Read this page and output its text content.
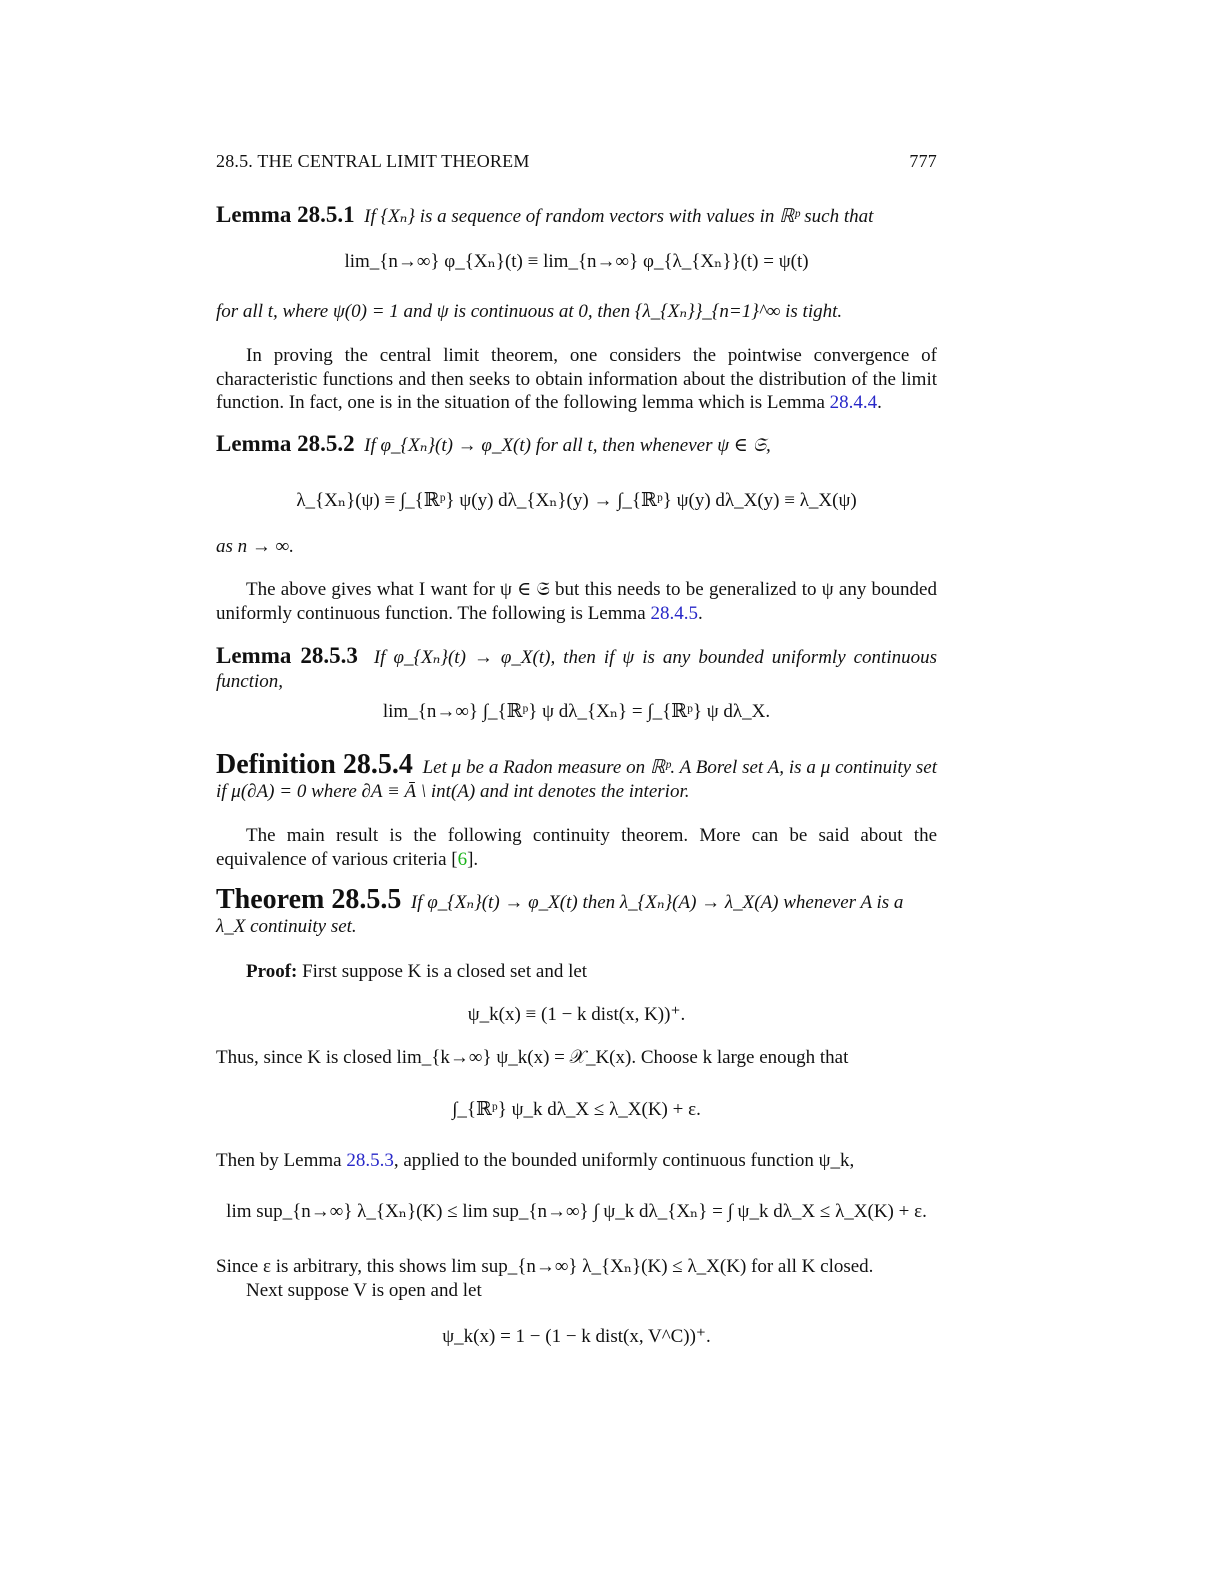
28.5. THE CENTRAL LIMIT THEOREM	777

Lemma 28.5.1 If {Xₙ} is a sequence of random vectors with values in ℝᵖ such that

lim_{n→∞} φ_{Xₙ}(t) ≡ lim_{n→∞} φ_{λ_{Xₙ}}(t) = ψ(t)

for all t, where ψ(0) = 1 and ψ is continuous at 0, then {λ_{Xₙ}}_{n=1}^∞ is tight.

In proving the central limit theorem, one considers the pointwise convergence of characteristic functions and then seeks to obtain information about the distribution of the limit function. In fact, one is in the situation of the following lemma which is Lemma 28.4.4.

Lemma 28.5.2 If φ_{Xₙ}(t) → φ_X(t) for all t, then whenever ψ ∈ 𝔖,

λ_{Xₙ}(ψ) ≡ ∫_{ℝᵖ} ψ(y) dλ_{Xₙ}(y) → ∫_{ℝᵖ} ψ(y) dλ_X(y) ≡ λ_X(ψ)

as n → ∞.

The above gives what I want for ψ ∈ 𝔖 but this needs to be generalized to ψ any bounded uniformly continuous function. The following is Lemma 28.4.5.

Lemma 28.5.3 If φ_{Xₙ}(t) → φ_X(t), then if ψ is any bounded uniformly continuous function,

lim_{n→∞} ∫_{ℝᵖ} ψ dλ_{Xₙ} = ∫_{ℝᵖ} ψ dλ_X.

Definition 28.5.4 Let μ be a Radon measure on ℝᵖ. A Borel set A, is a μ continuity set if μ(∂A) = 0 where ∂A ≡ Ā \ int(A) and int denotes the interior.

The main result is the following continuity theorem. More can be said about the equivalence of various criteria [6].

Theorem 28.5.5 If φ_{Xₙ}(t) → φ_X(t) then λ_{Xₙ}(A) → λ_X(A) whenever A is a λ_X continuity set.

Proof: First suppose K is a closed set and let

ψ_k(x) ≡ (1 − k dist(x, K))⁺.

Thus, since K is closed lim_{k→∞} ψ_k(x) = 𝒳_K(x). Choose k large enough that

∫_{ℝᵖ} ψ_k dλ_X ≤ λ_X(K) + ε.

Then by Lemma 28.5.3, applied to the bounded uniformly continuous function ψ_k,

lim sup_{n→∞} λ_{Xₙ}(K) ≤ lim sup_{n→∞} ∫ ψ_k dλ_{Xₙ} = ∫ ψ_k dλ_X ≤ λ_X(K) + ε.

Since ε is arbitrary, this shows lim sup_{n→∞} λ_{Xₙ}(K) ≤ λ_X(K) for all K closed.

Next suppose V is open and let

ψ_k(x) = 1 − (1 − k dist(x, V^C))⁺.
